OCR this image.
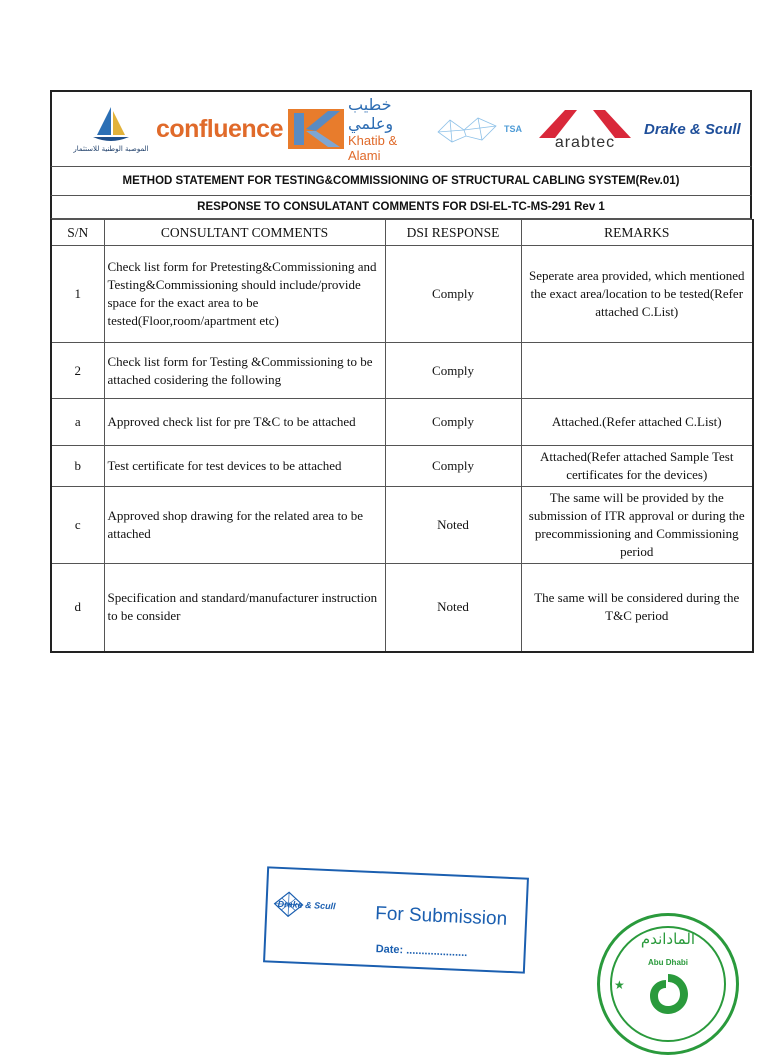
الموصبة الوطنية للاستثمار
confluence
خطيب وعلمي
Khatib & Alami
TSA
arabtec
Drake & Scull
METHOD STATEMENT FOR TESTING&COMMISSIONING OF STRUCTURAL CABLING SYSTEM(Rev.01)
RESPONSE TO CONSULATANT COMMENTS FOR DSI-EL-TC-MS-291 Rev 1
S/N	CONSULTANT COMMENTS	DSI RESPONSE	REMARKS
1	Check list form for Pretesting&Commissioning and Testing&Commissioning should include/provide space for the exact area to be tested(Floor,room/apartment etc)	Comply	Seperate area provided, which mentioned the exact area/location to be tested(Refer attached C.List)
2	Check list form for Testing &Commissioning to be attached cosidering the following	Comply	
a	Approved check list for pre T&C to be attached	Comply	Attached.(Refer attached C.List)
b	Test certificate for test devices to be attached	Comply	Attached(Refer attached Sample Test certificates for the devices)
c	Approved shop drawing for the related area to be attached	Noted	The same will be provided by the submission of ITR approval or during the precommissioning and Commissioning period
d	Specification and standard/manufacturer instruction to be consider	Noted	The same will be considered during the T&C period
Drake & Scull For Submission
Date: ....................
الماداندم
Abu Dhabi
★
